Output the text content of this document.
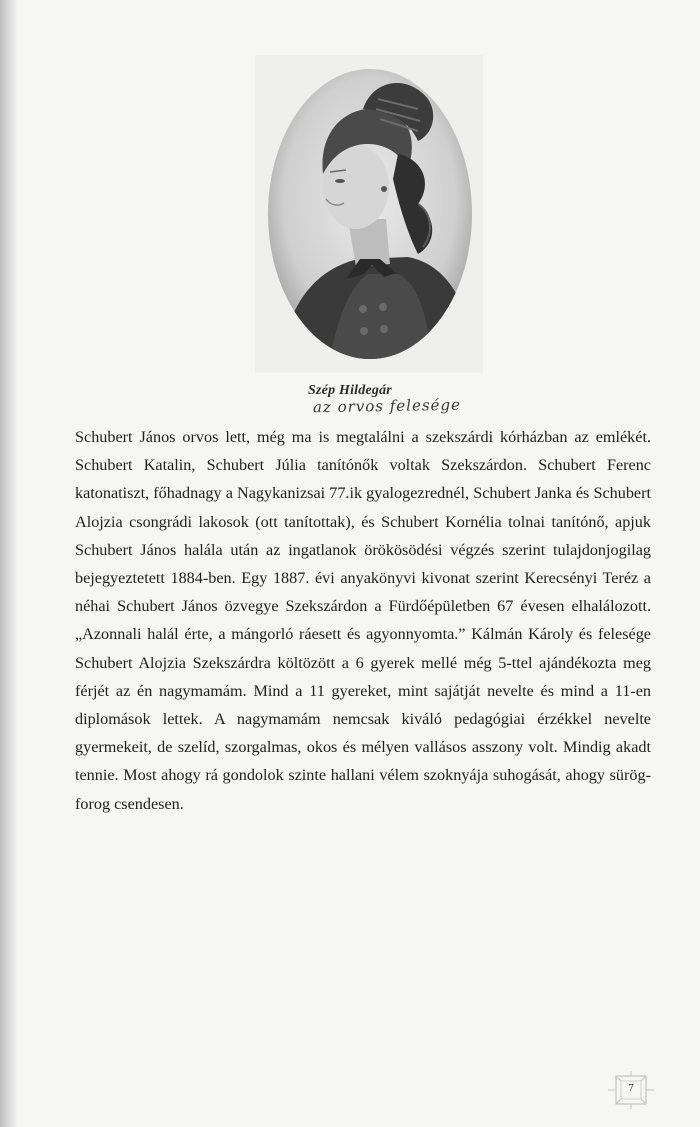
Szép Hildegár
az orvos felesége
Schubert János orvos lett, még ma is megtalálni a szekszárdi kórházban az emlékét. Schubert Katalin, Schubert Júlia tanítónők voltak Szekszárdon. Schubert Ferenc katonatiszt, főhadnagy a Nagykanizsai 77.ik gyalogezrednél, Schubert Janka és Schubert Alojzia csongrádi lakosok (ott tanítottak), és Schubert Kornélia tolnai tanítónő, apjuk Schubert János halála után az ingatlanok örökösödési végzés szerint tulajdonjogilag bejegyeztetett 1884-ben. Egy 1887. évi anyakönyvi kivonat szerint Kerecsényi Teréz a néhai Schubert János özvegye Szekszárdon a Fürdőépületben 67 évesen elhalálozott. „Azonnali halál érte, a mángorló ráesett és agyonnyomta.” Kálmán Károly és felesége Schubert Alojzia Szekszárdra költözött a 6 gyerek mellé még 5-ttel ajándékozta meg férjét az én nagymamám. Mind a 11 gyereket, mint sajátját nevelte és mind a 11-en diplomások lettek. A nagymamám nemcsak kiváló pedagógiai érzékkel nevelte gyermekeit, de szelíd, szorgalmas, okos és mélyen vallásos asszony volt. Mindig akadt tennie. Most ahogy rá gondolok szinte hallani vélem szoknyája suhogását, ahogy sürög-forog csendesen.
7
